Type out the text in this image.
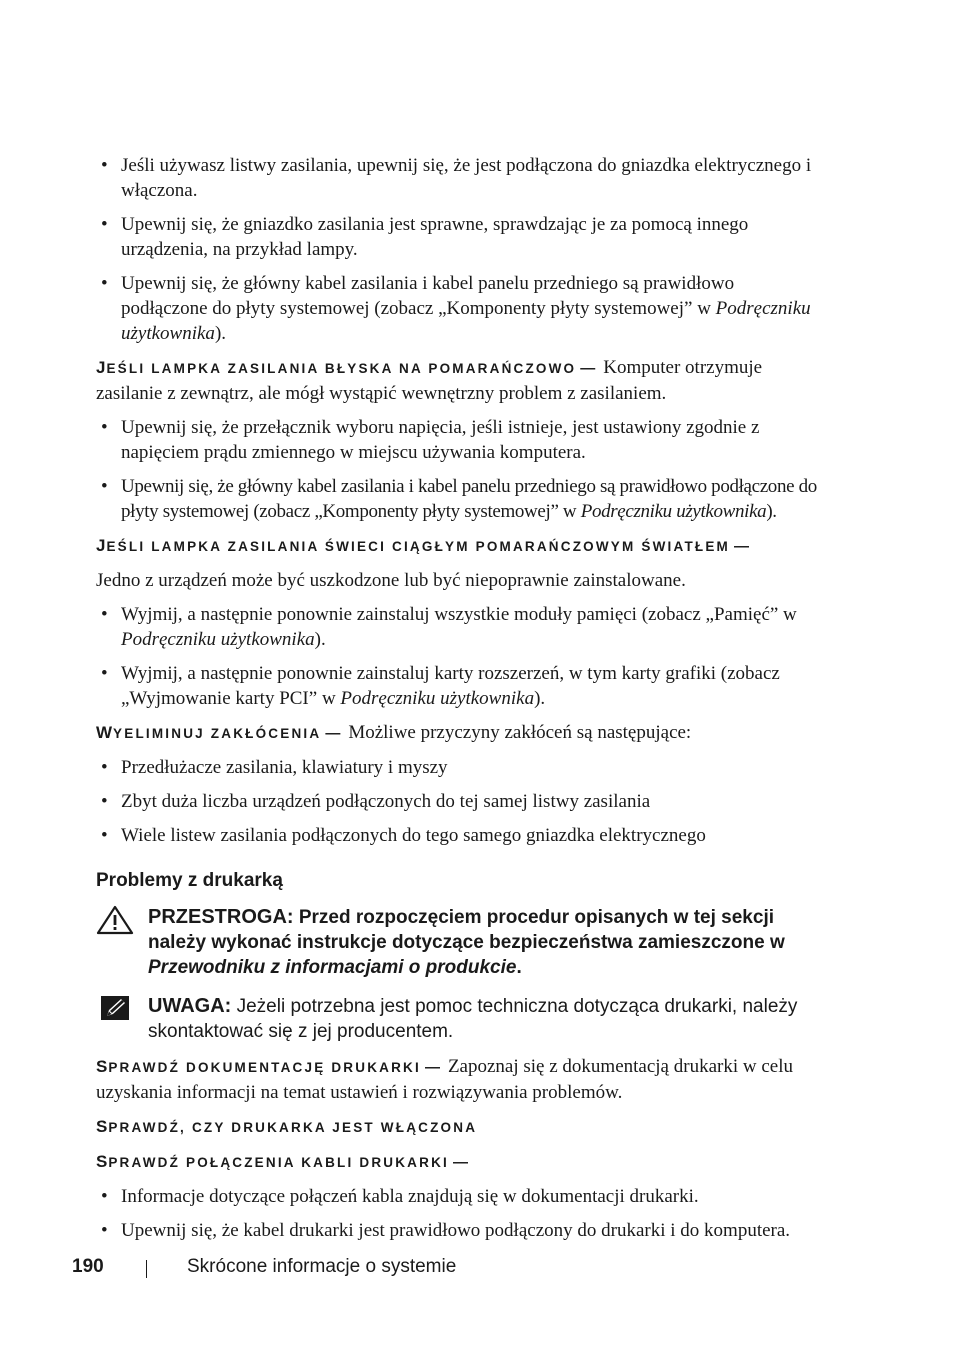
• Jeśli używasz listwy zasilania, upewnij się, że jest podłączona do gniazdka elektrycznego i włączona.
• Upewnij się, że gniazdko zasilania jest sprawne, sprawdzając je za pomocą innego urządzenia, na przykład lampy.
• Upewnij się, że główny kabel zasilania i kabel panelu przedniego są prawidłowo podłączone do płyty systemowej (zobacz „Komponenty płyty systemowej” w Podręczniku użytkownika).
JEŚLI LAMPKA ZASILANIA BŁYSKA NA POMARAŃCZOWO — Komputer otrzymuje zasilanie z zewnątrz, ale mógł wystąpić wewnętrzny problem z zasilaniem.
• Upewnij się, że przełącznik wyboru napięcia, jeśli istnieje, jest ustawiony zgodnie z napięciem prądu zmiennego w miejscu używania komputera.
• Upewnij się, że główny kabel zasilania i kabel panelu przedniego są prawidłowo podłączone do płyty systemowej (zobacz „Komponenty płyty systemowej” w Podręczniku użytkownika).
JEŚLI LAMPKA ZASILANIA ŚWIECI CIĄGŁYM POMARAŃCZOWYM ŚWIATŁEM —
Jedno z urządzeń może być uszkodzone lub być niepoprawnie zainstalowane.
• Wyjmij, a następnie ponownie zainstaluj wszystkie moduły pamięci (zobacz „Pamięć” w Podręczniku użytkownika).
• Wyjmij, a następnie ponownie zainstaluj karty rozszerzeń, w tym karty grafiki (zobacz „Wyjmowanie karty PCI” w Podręczniku użytkownika).
WYELIMINUJ ZAKŁÓCENIA — Możliwe przyczyny zakłóceń są następujące:
• Przedłużacze zasilania, klawiatury i myszy
• Zbyt duża liczba urządzeń podłączonych do tej samej listwy zasilania
• Wiele listew zasilania podłączonych do tego samego gniazdka elektrycznego
Problemy z drukarką
PRZESTROGA: Przed rozpoczęciem procedur opisanych w tej sekcji należy wykonać instrukcje dotyczące bezpieczeństwa zamieszczone w Przewodniku z informacjami o produkcie.
UWAGA: Jeżeli potrzebna jest pomoc techniczna dotycząca drukarki, należy skontaktować się z jej producentem.
SPRAWDŹ DOKUMENTACJĘ DRUKARKI — Zapoznaj się z dokumentacją drukarki w celu uzyskania informacji na temat ustawień i rozwiązywania problemów.
SPRAWDŹ, CZY DRUKARKA JEST WŁĄCZONA
SPRAWDŹ POŁĄCZENIA KABLI DRUKARKI —
• Informacje dotyczące połączeń kabla znajdują się w dokumentacji drukarki.
• Upewnij się, że kabel drukarki jest prawidłowo podłączony do drukarki i do komputera.
190	Skrócone informacje o systemie
